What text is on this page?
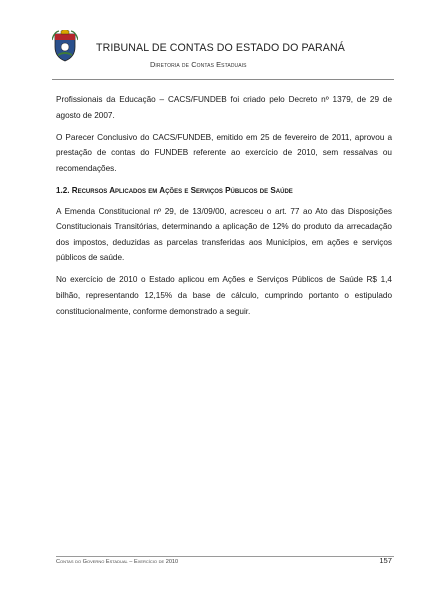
TRIBUNAL DE CONTAS DO ESTADO DO PARANÁ
Diretoria de Contas Estaduais

Profissionais da Educação – CACS/FUNDEB foi criado pelo Decreto nº 1379, de 29 de agosto de 2007.

O Parecer Conclusivo do CACS/FUNDEB, emitido em 25 de fevereiro de 2011, aprovou a prestação de contas do FUNDEB referente ao exercício de 2010, sem ressalvas ou recomendações.

1.2. Recursos Aplicados em Ações e Serviços Públicos de Saúde

A Emenda Constitucional nº 29, de 13/09/00, acresceu o art. 77 ao Ato das Disposições Constitucionais Transitórias, determinando a aplicação de 12% do produto da arrecadação dos impostos, deduzidas as parcelas transferidas aos Municípios, em ações e serviços públicos de saúde.

No exercício de 2010 o Estado aplicou em Ações e Serviços Públicos de Saúde R$ 1,4 bilhão, representando 12,15% da base de cálculo, cumprindo portanto o estipulado constitucionalmente, conforme demonstrado a seguir.

Contas do Governo Estadual – Exercício de 2010	157
